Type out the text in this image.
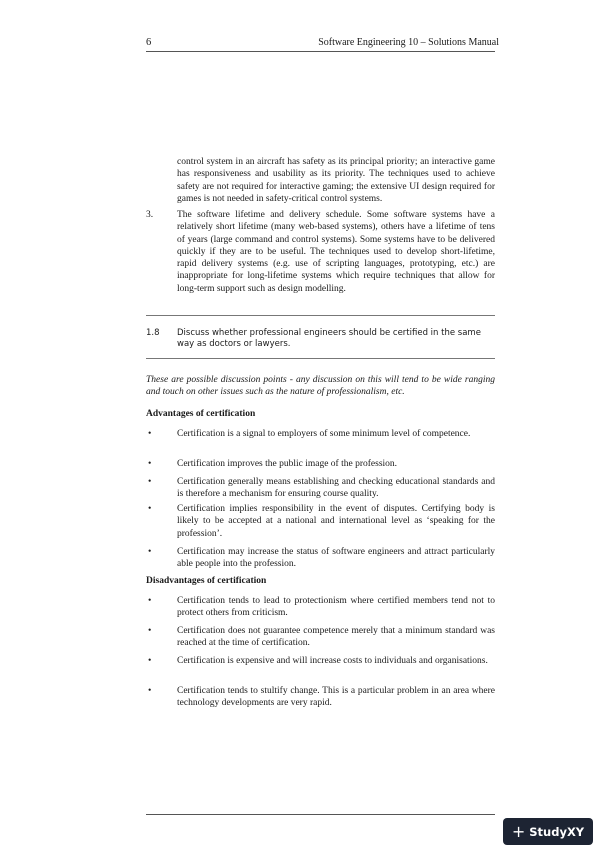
6	Software Engineering 10 – Solutions Manual
control system in an aircraft has safety as its principal priority; an interactive game has responsiveness and usability as its priority. The techniques used to achieve safety are not required for interactive gaming; the extensive UI design required for games is not needed in safety-critical control systems.
3.	The software lifetime and delivery schedule. Some software systems have a relatively short lifetime (many web-based systems), others have a lifetime of tens of years (large command and control systems). Some systems have to be delivered quickly if they are to be useful. The techniques used to develop short-lifetime, rapid delivery systems (e.g. use of scripting languages, prototyping, etc.) are inappropriate for long-lifetime systems which require techniques that allow for long-term support such as design modelling.
1.8 Discuss whether professional engineers should be certified in the same way as doctors or lawyers.
These are possible discussion points - any discussion on this will tend to be wide ranging and touch on other issues such as the nature of professionalism, etc.
Advantages of certification
•	Certification is a signal to employers of some minimum level of competence.
•	Certification improves the public image of the profession.
•	Certification generally means establishing and checking educational standards and is therefore a mechanism for ensuring course quality.
•	Certification implies responsibility in the event of disputes. Certifying body is likely to be accepted at a national and international level as ‘speaking for the profession’.
•	Certification may increase the status of software engineers and attract particularly able people into the profession.
Disadvantages of certification
•	Certification tends to lead to protectionism where certified members tend not to protect others from criticism.
•	Certification does not guarantee competence merely that a minimum standard was reached at the time of certification.
•	Certification is expensive and will increase costs to individuals and organisations.
•	Certification tends to stultify change. This is a particular problem in an area where technology developments are very rapid.
+ StudyXY
